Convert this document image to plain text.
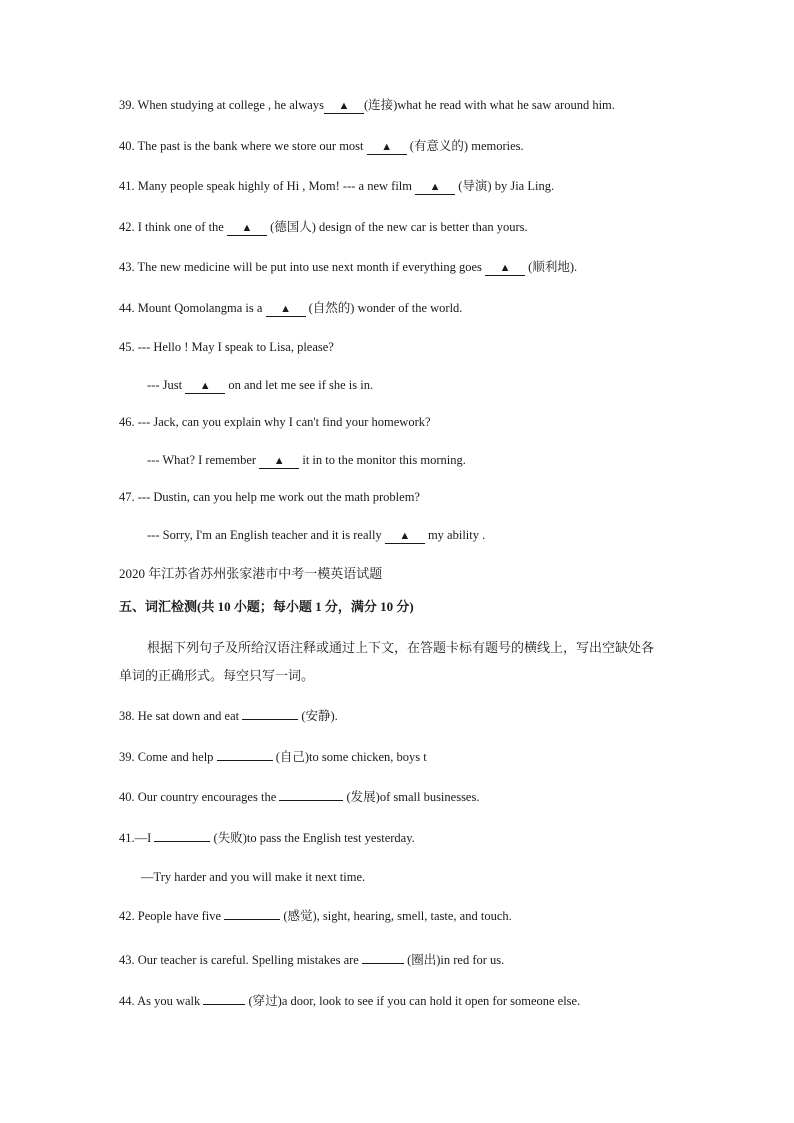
39. When studying at college , he always ▲ (连接)what he read with what he saw around him.
40. The past is the bank where we store our most ▲ (有意义的) memories.
41. Many people speak highly of Hi , Mom! --- a new film ▲ (导演) by Jia Ling.
42. I think one of the ▲ (德国人) design of the new car is better than yours.
43. The new medicine will be put into use next month if everything goes ▲ (顺利地).
44. Mount Qomolangma is a ▲ (自然的) wonder of the world.
45. --- Hello ! May I speak to Lisa, please?
--- Just ▲ on and let me see if she is in.
46. --- Jack, can you explain why I can't find your homework?
--- What? I remember ▲ it in to the monitor this morning.
47. --- Dustin, can you help me work out the math problem?
--- Sorry, I'm an English teacher and it is really ▲ my ability .
2020 年江苏省苏州张家港市中考一模英语试题
五、词汇检测(共 10 小题；每小题 1 分，满分 10 分)
根据下列句子及所给汉语注释或通过上下文，在答题卡标有题号的横线上，写出空缺处各单词的正确形式。每空只写一词。
38. He sat down and eat	(安静).
39. Come and help	(自己)to some chicken, boys t
40. Our country encourages the	(发展)of small businesses.
41.—I	(失败)to pass the English test yesterday.
—Try harder and you will make it next time.
42. People have five	(感觉), sight, hearing, smell, taste, and touch.
43. Our teacher is careful. Spelling mistakes are	(圈出)in red for us.
44. As you walk	(穿过)a door, look to see if you can hold it open for someone else.
